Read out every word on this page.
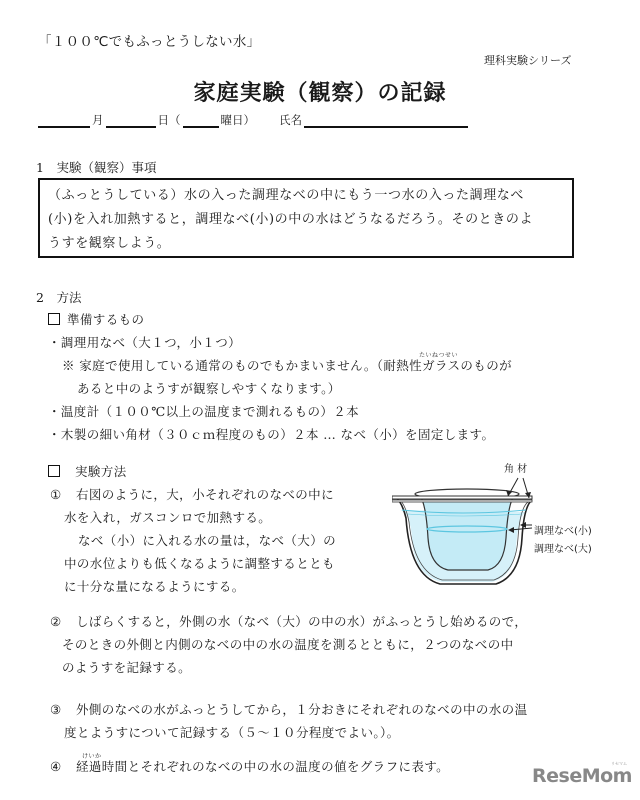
「１００℃でもふっとうしない水」
理科実験シリーズ
家庭実験（観察）の記録
月	日（	曜日） 氏名
1　実験（観察）事項

（ふっとうしている）水の入った調理なべの中にもう一つ水の入った調理なべ

(小)を入れ加熱すると，調理なべ(小)の中の水はどうなるだろう。そのときのよ

うすを観察しよう。

2　方法
準備するもの
・調理用なべ（大１つ，小１つ）
たいねつせい
※ 家庭で使用している通常のものでもかまいません。（耐熱性ガラスのものが
あると中のようすが観察しやすくなります。）
・温度計（１００℃以上の温度まで測れるもの）２本
・木製の細い角材（３０ｃｍ程度のもの）２本 … なべ（小）を固定します。
実験方法
① 右図のように，大，小それぞれのなべの中に
水を入れ，ガスコンロで加熱する。
なべ（小）に入れる水の量は，なべ（大）の
中の水位よりも低くなるように調整するととも
に十分な量になるようにする。
角 材
調理なべ(小)
調理なべ(大)
② しばらくすると，外側の水（なべ（大）の中の水）がふっとうし始めるので，
そのときの外側と内側のなべの中の水の温度を測るとともに，２つのなべの中
のようすを記録する。
③ 外側のなべの水がふっとうしてから，１分おきにそれぞれのなべの中の水の温
度とようすについて記録する（５～１０分程度でよい。）。
けいか
④ 経過時間とそれぞれのなべの中の水の温度の値をグラフに表す。	ReseMom
リセマム
